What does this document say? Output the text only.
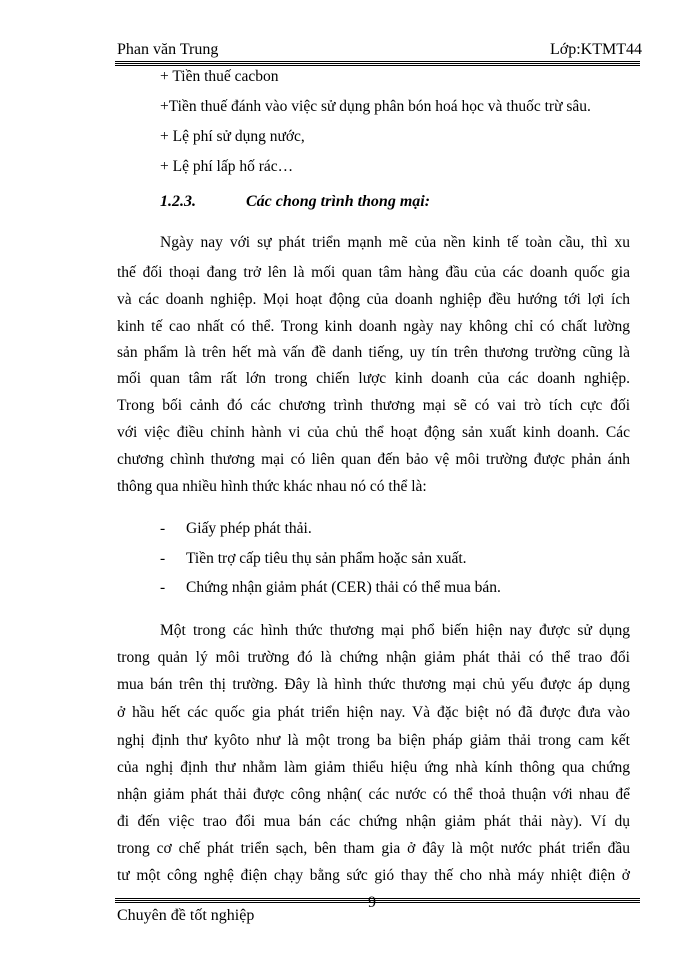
Phan văn Trung	Lớp:KTMT44
+ Tiền thuế cacbon
+Tiền thuế đánh vào việc sử dụng phân bón hoá học và thuốc trừ sâu.
+ Lệ phí sử dụng nước,
+ Lệ phí lấp hố rác…
1.2.3.	Các chong trình thong mại:
Ngày nay với sự phát triển mạnh mẽ của nền kinh tế toàn cầu, thì xu
thế đối thoại đang trở lên là mối quan tâm hàng đầu của các doanh quốc gia
và các doanh nghiệp. Mọi hoạt động của doanh nghiệp đều hướng tới lợi ích
kinh tế cao nhất có thể. Trong kinh doanh ngày nay không chỉ có chất lường
sản phẩm là trên hết mà vấn đề danh tiếng, uy tín trên thương trường cũng là
mối quan tâm rất lớn trong chiến lược kinh doanh của các doanh nghiệp.
Trong bối cảnh đó các chương trình thương mại sẽ có vai trò tích cực đối
với việc điều chỉnh hành vi của chủ thể hoạt động sản xuất kinh doanh. Các
chương chình thương mại có liên quan đến bảo vệ môi trường được phản ánh
thông qua nhiều hình thức khác nhau nó có thể là:
- Giấy phép phát thải.
- Tiền trợ cấp tiêu thụ sản phẩm hoặc sản xuất.
- Chứng nhận giảm phát (CER) thải có thể mua bán.
Một trong các hình thức thương mại phổ biến hiện nay được sử dụng
trong quản lý môi trường đó là chứng nhận giảm phát thải có thể trao đổi
mua bán trên thị trường. Đây là hình thức thương mại chủ yếu được áp dụng
ở hầu hết các quốc gia phát triển hiện nay. Và đặc biệt nó đã được đưa vào
nghị định thư kyôto như là một trong ba biện pháp giảm thải trong cam kết
của nghị định thư nhằm làm giảm thiểu hiệu ứng nhà kính thông qua chứng
nhận giảm phát thải được công nhận( các nước có thể thoả thuận với nhau để
đi đến việc trao đổi mua bán các chứng nhận giảm phát thải này). Ví dụ
trong cơ chế phát triển sạch, bên tham gia ở đây là một nước phát triển đầu
tư một công nghệ điện chạy bằng sức gió thay thế cho nhà máy nhiệt điện ở
9
Chuyên đề tốt nghiệp
